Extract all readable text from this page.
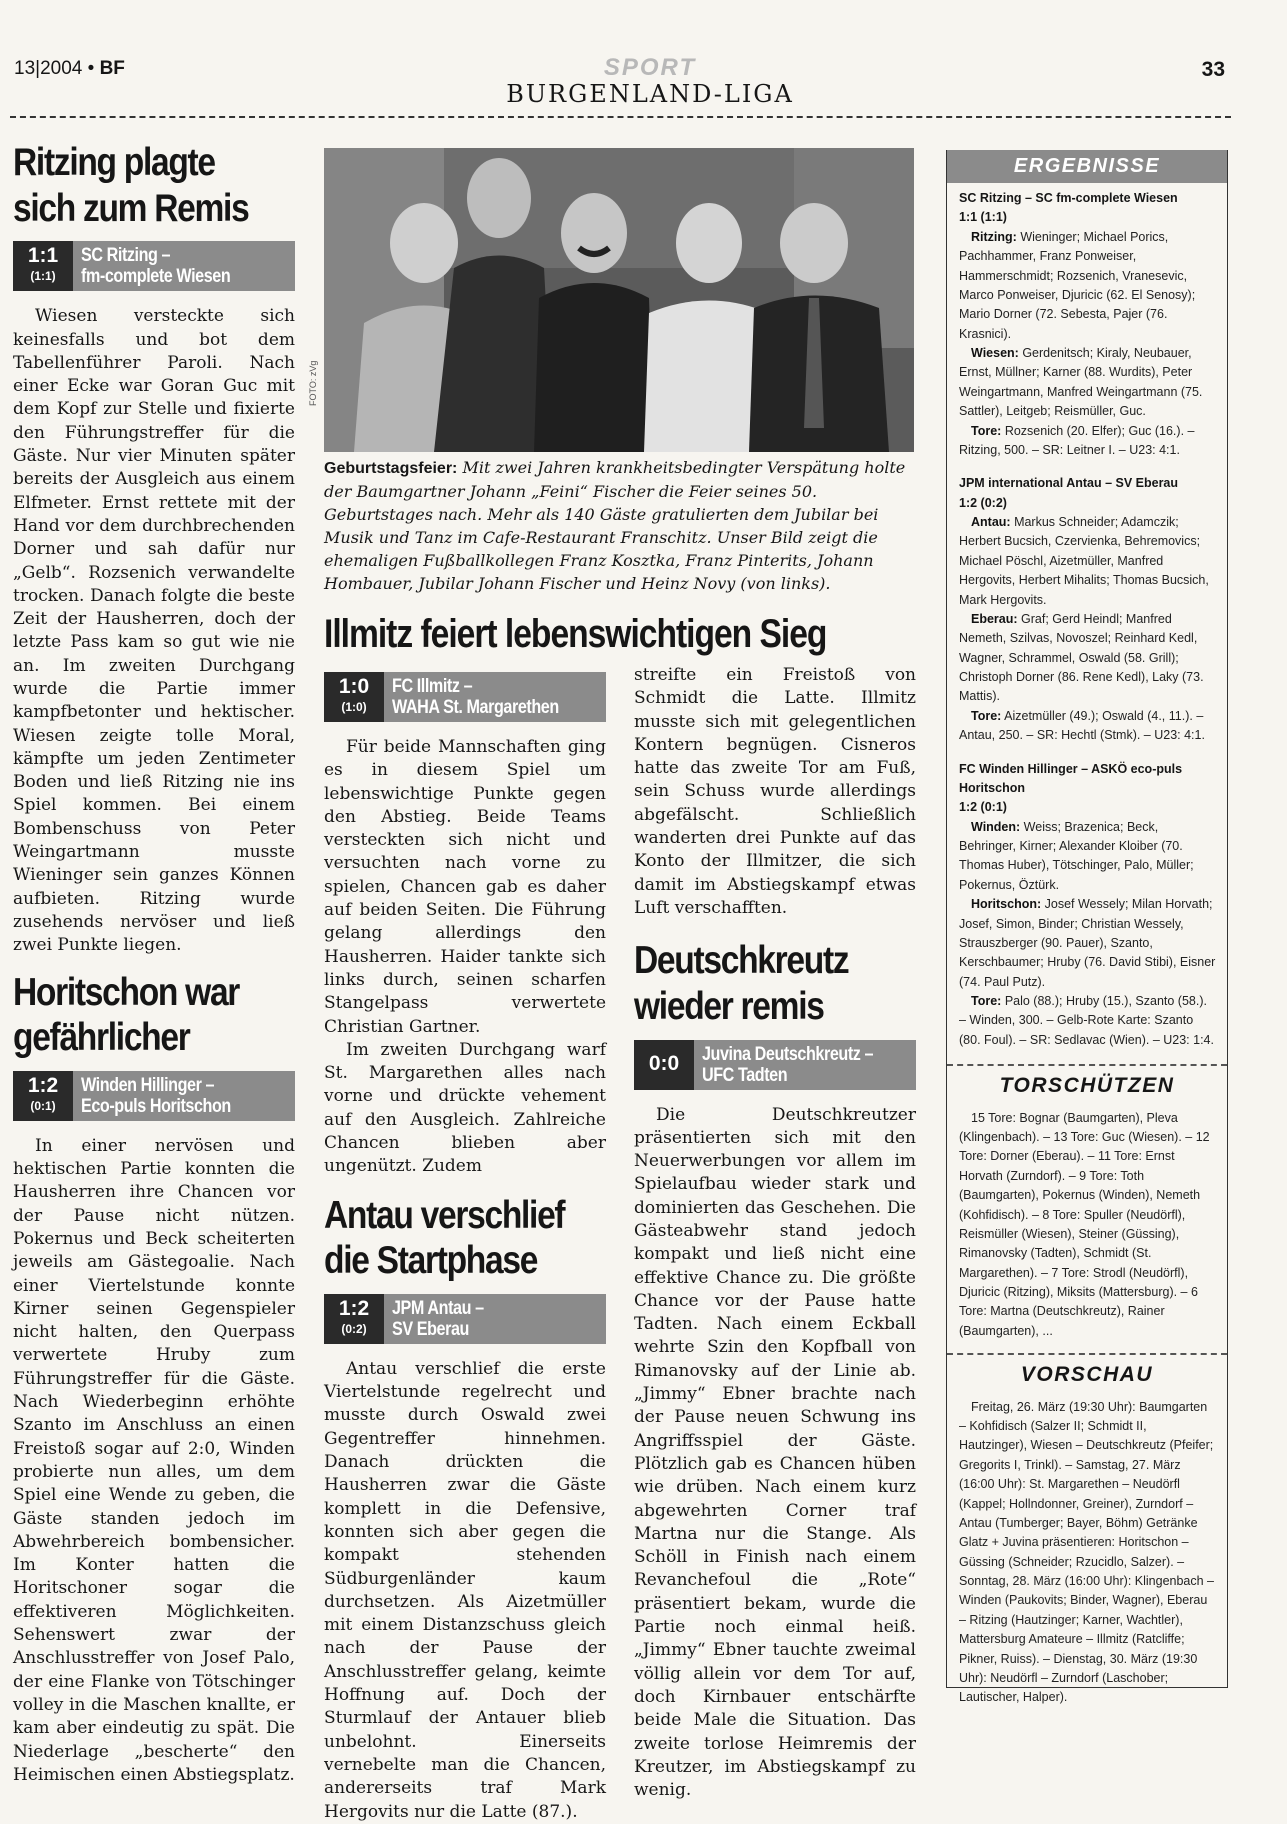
13|2004 • BF	SPORT
BURGENLAND-LIGA
33
Ritzing plagte
sich zum Remis
1:1
(1:1)
SC Ritzing –
fm-complete Wiesen

Wiesen versteckte sich keinesfalls und bot dem Tabellenführer Paroli. Nach einer Ecke war Goran Guc mit dem Kopf zur Stelle und fixierte den Führungstreffer für die Gäste. Nur vier Minuten später bereits der Ausgleich aus einem Elfmeter. Ernst rettete mit der Hand vor dem durchbrechenden Dorner und sah dafür nur „Gelb“. Rozsenich verwandelte trocken. Danach folgte die beste Zeit der Hausherren, doch der letzte Pass kam so gut wie nie an. Im zweiten Durchgang wurde die Partie immer kampfbetonter und hektischer. Wiesen zeigte tolle Moral, kämpfte um jeden Zentimeter Boden und ließ Ritzing nie ins Spiel kommen. Bei einem Bombenschuss von Peter Weingartmann musste Wieninger sein ganzes Können aufbieten. Ritzing wurde zusehends nervöser und ließ zwei Punkte liegen.

Horitschon war
gefährlicher
1:2
(0:1)
Winden Hillinger –
Eco-puls Horitschon

In einer nervösen und hektischen Partie konnten die Hausherren ihre Chancen vor der Pause nicht nützen. Pokernus und Beck scheiterten jeweils am Gästegoalie. Nach einer Viertelstunde konnte Kirner seinen Gegenspieler nicht halten, den Querpass verwertete Hruby zum Führungstreffer für die Gäste. Nach Wiederbeginn erhöhte Szanto im Anschluss an einen Freistoß sogar auf 2:0, Winden probierte nun alles, um dem Spiel eine Wende zu geben, die Gäste standen jedoch im Abwehrbereich bombensicher. Im Konter hatten die Horitschoner sogar die effektiveren Möglichkeiten. Sehenswert zwar der Anschlusstreffer von Josef Palo, der eine Flanke von Tötschinger volley in die Maschen knallte, er kam aber eindeutig zu spät. Die Niederlage „bescherte“ den Heimischen einen Abstiegsplatz.

FOTO: zVg
Geburtstagsfeier: Mit zwei Jahren krankheitsbedingter Verspätung holte der Baumgartner Johann „Feini“ Fischer die Feier seines 50. Geburtstages nach. Mehr als 140 Gäste gratulierten dem Jubilar bei Musik und Tanz im Cafe-Restaurant Franschitz. Unser Bild zeigt die ehemaligen Fußballkollegen Franz Kosztka, Franz Pinterits, Johann Hombauer, Jubilar Johann Fischer und Heinz Novy (von links).
Illmitz feiert lebenswichtigen Sieg
1:0
(1:0)
FC Illmitz –
WAHA St. Margarethen

Für beide Mannschaften ging es in diesem Spiel um lebenswichtige Punkte gegen den Abstieg. Beide Teams versteckten sich nicht und versuchten nach vorne zu spielen, Chancen gab es daher auf beiden Seiten. Die Führung gelang allerdings den Hausherren. Haider tankte sich links durch, seinen scharfen Stangelpass verwertete Christian Gartner.

Im zweiten Durchgang warf St. Margarethen alles nach vorne und drückte vehement auf den Ausgleich. Zahlreiche Chancen blieben aber ungenützt. Zudem

Antau verschlief
die Startphase
1:2
(0:2)
JPM Antau –
SV Eberau

Antau verschlief die erste Viertelstunde regelrecht und musste durch Oswald zwei Gegentreffer hinnehmen. Danach drückten die Hausherren zwar die Gäste komplett in die Defensive, konnten sich aber gegen die kompakt stehenden Südburgenländer kaum durchsetzen. Als Aizetmüller mit einem Distanzschuss gleich nach der Pause der Anschlusstreffer gelang, keimte Hoffnung auf. Doch der Sturmlauf der Antauer blieb unbelohnt. Einerseits vernebelte man die Chancen, andererseits traf Mark Hergovits nur die Latte (87.).

streifte ein Freistoß von Schmidt die Latte. Illmitz musste sich mit gelegentlichen Kontern begnügen. Cisneros hatte das zweite Tor am Fuß, sein Schuss wurde allerdings abgefälscht. Schließlich wanderten drei Punkte auf das Konto der Illmitzer, die sich damit im Abstiegskampf etwas Luft verschafften.

Deutschkreutz
wieder remis
0:0	Juvina Deutschkreutz –
UFC Tadten

Die Deutschkreutzer präsentierten sich mit den Neuerwerbungen vor allem im Spielaufbau wieder stark und dominierten das Geschehen. Die Gästeabwehr stand jedoch kompakt und ließ nicht eine effektive Chance zu. Die größte Chance vor der Pause hatte Tadten. Nach einem Eckball wehrte Szin den Kopfball von Rimanovsky auf der Linie ab. „Jimmy“ Ebner brachte nach der Pause neuen Schwung ins Angriffsspiel der Gäste. Plötzlich gab es Chancen hüben wie drüben. Nach einem kurz abgewehrten Corner traf Martna nur die Stange. Als Schöll in Finish nach einem Revanchefoul die „Rote“ präsentiert bekam, wurde die Partie noch einmal heiß. „Jimmy“ Ebner tauchte zweimal völlig allein vor dem Tor auf, doch Kirnbauer entschärfte beide Male die Situation. Das zweite torlose Heimremis der Kreutzer, im Abstiegskampf zu wenig.

ERGEBNISSE
SC Ritzing – SC fm-complete Wiesen
1:1 (1:1)
Ritzing: Wieninger; Michael Porics, Pachhammer, Franz Ponweiser, Hammerschmidt; Rozsenich, Vranesevic, Marco Ponweiser, Djuricic (62. El Senosy); Mario Dorner (72. Sebesta, Pajer (76. Krasnici).
Wiesen: Gerdenitsch; Kiraly, Neubauer, Ernst, Müllner; Karner (88. Wurdits), Peter Weingartmann, Manfred Weingartmann (75. Sattler), Leitgeb; Reismüller, Guc.
Tore: Rozsenich (20. Elfer); Guc (16.). – Ritzing, 500. – SR: Leitner I. – U23: 4:1.
JPM international Antau – SV Eberau
1:2 (0:2)
Antau: Markus Schneider; Adamczik; Herbert Bucsich, Czervienka, Behremovics; Michael Pöschl, Aizetmüller, Manfred Hergovits, Herbert Mihalits; Thomas Bucsich, Mark Hergovits.
Eberau: Graf; Gerd Heindl; Manfred Nemeth, Szilvas, Novoszel; Reinhard Kedl, Wagner, Schrammel, Oswald (58. Grill); Christoph Dorner (86. Rene Kedl), Laky (73. Mattis).
Tore: Aizetmüller (49.); Oswald (4., 11.). – Antau, 250. – SR: Hechtl (Stmk). – U23: 4:1.
FC Winden Hillinger – ASKÖ eco-puls Horitschon
1:2 (0:1)
Winden: Weiss; Brazenica; Beck, Behringer, Kirner; Alexander Kloiber (70. Thomas Huber), Tötschinger, Palo, Müller; Pokernus, Öztürk.
Horitschon: Josef Wessely; Milan Horvath; Josef, Simon, Binder; Christian Wessely, Strauszberger (90. Pauer), Szanto, Kerschbaumer; Hruby (76. David Stibi), Eisner (74. Paul Putz).
Tore: Palo (88.); Hruby (15.), Szanto (58.). – Winden, 300. – Gelb-Rote Karte: Szanto (80. Foul). – SR: Sedlavac (Wien). – U23: 1:4.
TORSCHÜTZEN
15 Tore: Bognar (Baumgarten), Pleva (Klingenbach). – 13 Tore: Guc (Wiesen). – 12 Tore: Dorner (Eberau). – 11 Tore: Ernst Horvath (Zurndorf). – 9 Tore: Toth (Baumgarten), Pokernus (Winden), Nemeth (Kohfidisch). – 8 Tore: Spuller (Neudörfl), Reismüller (Wiesen), Steiner (Güssing), Rimanovsky (Tadten), Schmidt (St. Margarethen). – 7 Tore: Strodl (Neudörfl), Djuricic (Ritzing), Miksits (Mattersburg). – 6 Tore: Martna (Deutschkreutz), Rainer (Baumgarten), ...
VORSCHAU
Freitag, 26. März (19:30 Uhr): Baumgarten – Kohfidisch (Salzer II; Schmidt II, Hautzinger), Wiesen – Deutschkreutz (Pfeifer; Gregorits I, Trinkl). – Samstag, 27. März (16:00 Uhr): St. Margarethen – Neudörfl (Kappel; Hollndonner, Greiner), Zurndorf – Antau (Tumberger; Bayer, Böhm) Getränke Glatz + Juvina präsentieren: Horitschon – Güssing (Schneider; Rzucidlo, Salzer). – Sonntag, 28. März (16:00 Uhr): Klingenbach – Winden (Paukovits; Binder, Wagner), Eberau – Ritzing (Hautzinger; Karner, Wachtler), Mattersburg Amateure – Illmitz (Ratcliffe; Pikner, Ruiss). – Dienstag, 30. März (19:30 Uhr): Neudörfl – Zurndorf (Laschober; Lautischer, Halper).
